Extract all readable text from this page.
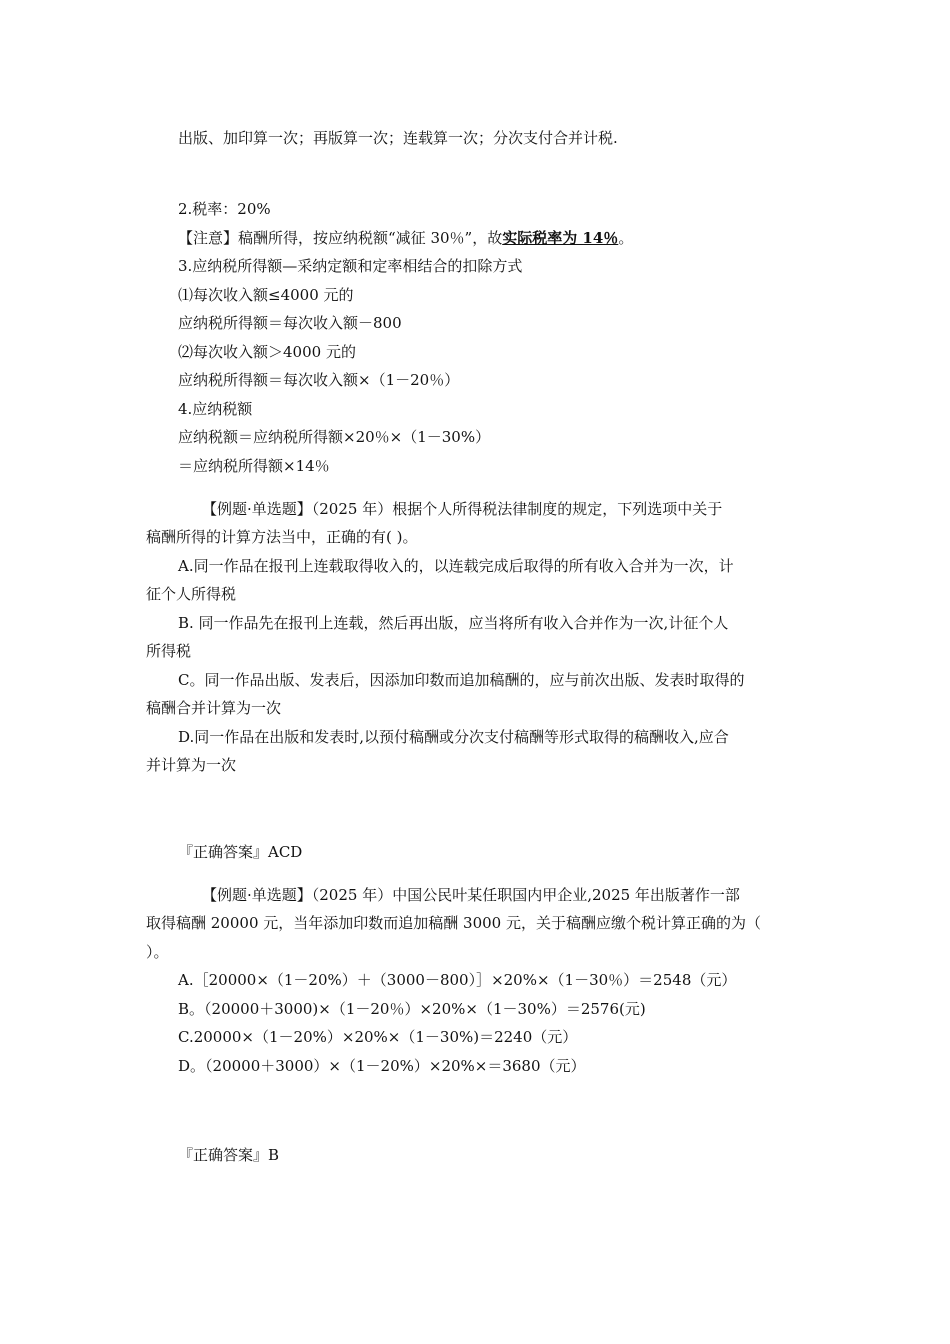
出版、加印算一次；再版算一次；连载算一次；分次支付合并计税.
2.税率：20%
【注意】稿酬所得，按应纳税额“减征 30％”，故实际税率为 14％。
3.应纳税所得额—采纳定额和定率相结合的扣除方式
⑴每次收入额≤4000 元的
应纳税所得额＝每次收入额－800
⑵每次收入额＞4000 元的
应纳税所得额＝每次收入额×（1－20％）
4.应纳税额
应纳税额＝应纳税所得额×20％×（1－30%）
＝应纳税所得额×14％
【例题·单选题】（2025 年）根据个人所得税法律制度的规定，下列选项中关于
稿酬所得的计算方法当中，正确的有( )。
A.同一作品在报刊上连载取得收入的，以连载完成后取得的所有收入合并为一次，计
征个人所得税
B. 同一作品先在报刊上连载，然后再出版，应当将所有收入合并作为一次,计征个人
所得税
C。同一作品出版、发表后，因添加印数而追加稿酬的，应与前次出版、发表时取得的
稿酬合并计算为一次
D.同一作品在出版和发表时,以预付稿酬或分次支付稿酬等形式取得的稿酬收入,应合
并计算为一次
『正确答案』ACD
【例题·单选题】（2025 年）中国公民叶某任职国内甲企业,2025 年出版著作一部
取得稿酬 20000 元，当年添加印数而追加稿酬 3000 元，关于稿酬应缴个税计算正确的为（
）。
A.［20000×（1－20%）＋（3000－800）］×20%×（1－30％）＝2548（元）
B。（20000＋3000)×（1－20％）×20%×（1－30%）＝2576(元)
C.20000×（1－20%）×20%×（1－30%)＝2240（元）
D。（20000＋3000）×（1－20%）×20%×＝3680（元）
『正确答案』B
